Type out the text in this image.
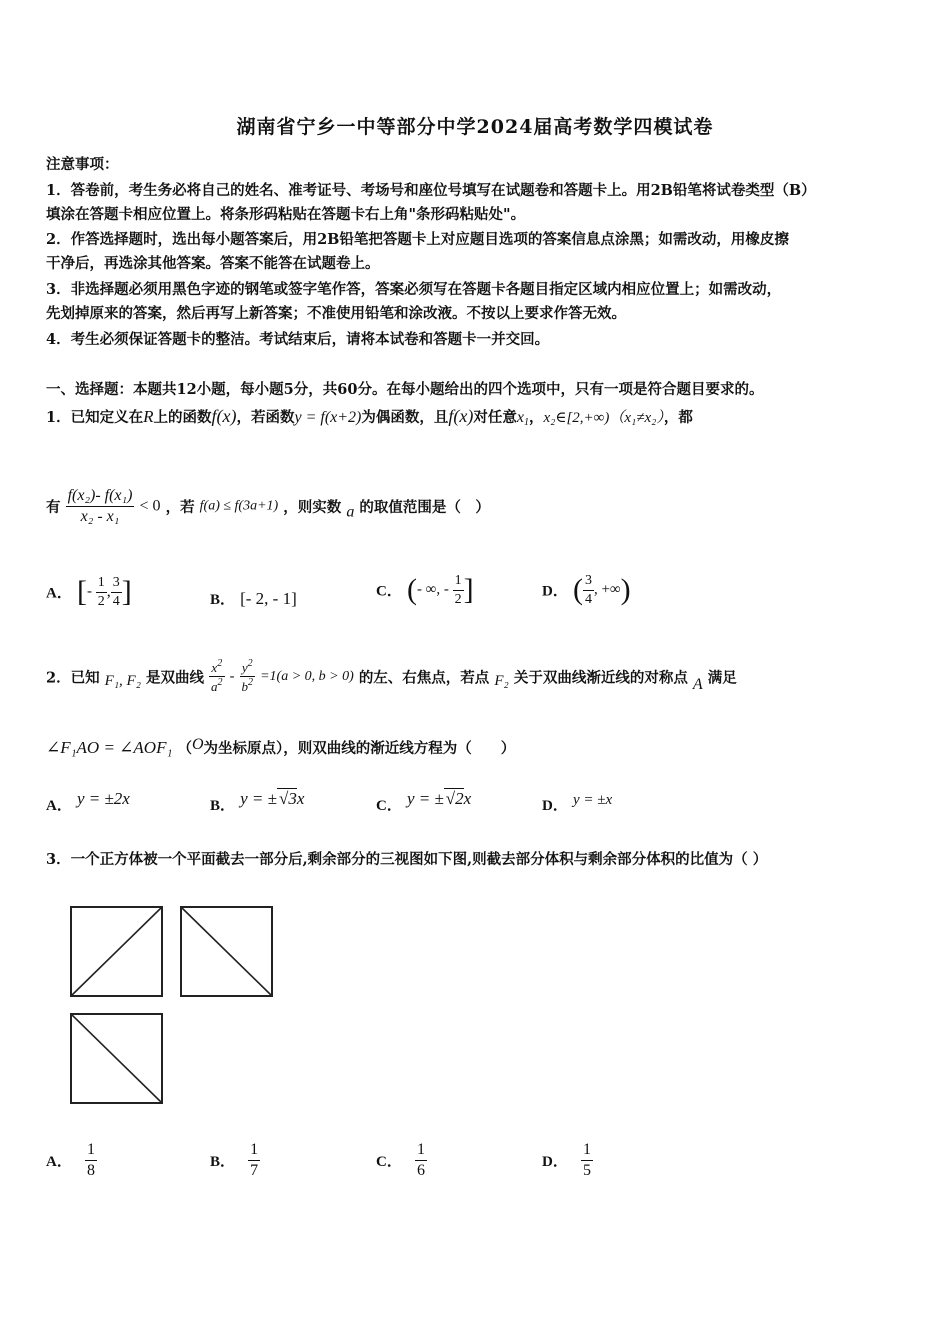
湖南省宁乡一中等部分中学2024届高考数学四模试卷
注意事项：
1．答卷前，考生务必将自己的姓名、准考证号、考场号和座位号填写在试题卷和答题卡上。用2B铅笔将试卷类型（B）
填涂在答题卡相应位置上。将条形码粘贴在答题卡右上角"条形码粘贴处"。
2．作答选择题时，选出每小题答案后，用2B铅笔把答题卡上对应题目选项的答案信息点涂黑；如需改动，用橡皮擦
干净后，再选涂其他答案。答案不能答在试题卷上。
3．非选择题必须用黑色字迹的钢笔或签字笔作答，答案必须写在答题卡各题目指定区域内相应位置上；如需改动，
先划掉原来的答案，然后再写上新答案；不准使用铅笔和涂改液。不按以上要求作答无效。
4．考生必须保证答题卡的整洁。考试结束后，请将本试卷和答题卡一并交回。
一、选择题：本题共12小题，每小题5分，共60分。在每小题给出的四个选项中，只有一项是符合题目要求的。
1．已知定义在R上的函数f(x)，若函数y = f(x+2)为偶函数，且f(x)对任意$x_1$，x₂∈[2,+∞)（x₁≠x₂），都
有 $\frac{\text{f(x₂)- f(x₁)}}{\text{x₂ - x₁}} < 0$ ，若 f(a) ≤ f(3a+1) ，则实数 a 的取值范围是（　）
A． [- $\frac{1}{2}$ , $\frac{3}{4}$ ]	B． [- 2, - 1]	C． (- ∞, - $\frac{1}{2}$ ]	D． ( $\frac{3}{4}$ , +∞)
2．已知 F₁, F₂ 是双曲线 $\frac{x^2}{a^2} - \frac{y^2}{b^2} =1(a > 0$, b > 0) 的左、右焦点，若点 F₂ 关于双曲线渐近线的对称点 A 满足
∠F₁AO = ∠AOF₁ （O为坐标原点），则双曲线的渐近线方程为（　　）
A． y = ±2x	B． y = ± √3x	C． y = ± √2x	D． y = ±x
3．一个正方体被一个平面截去一部分后,剩余部分的三视图如下图,则截去部分体积与剩余部分体积的比值为（ ）
A． $\frac{1}{8}$	B． $\frac{1}{7}$	C． $\frac{1}{6}$	D． $\frac{1}{5}$
